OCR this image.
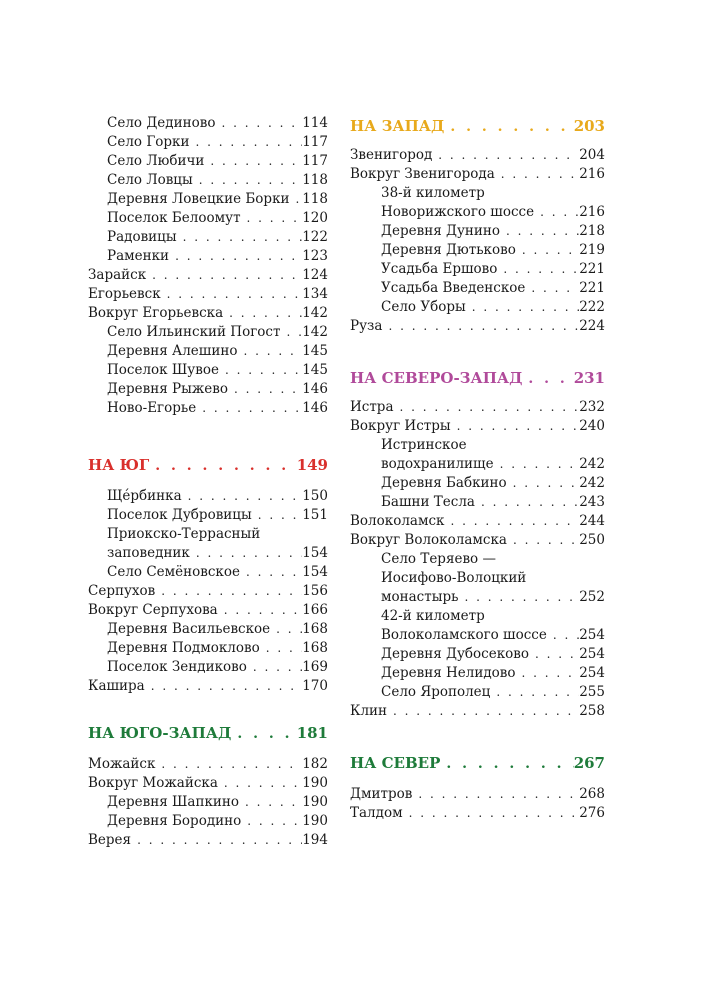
Село Дединово . . .	114
Село Горки . . .	117
Село Любичи . . .	117
Село Ловцы . . .	118
Деревня Ловецкие Борки . . . 118
Поселок Белоомут . . .	120
Радовицы . . .	122
Раменки . . .	123
Зарайск . . .	124
Егорьевск . . .	134
Вокруг Егорьевска . . .	142
Село Ильинский Погост . . . 142
Деревня Алешино . . .	145
Поселок Шувое . . .	145
Деревня Рыжево . . .	146
Ново-Егорье . . .	146
НА ЮГ . . .	149
Щéрбинка . . .	150
Поселок Дубровицы . . .	151
Приокско-Террасный
заповедник . . .	154
Село Семёновское . . .	154
Серпухов . . .	156
Вокруг Серпухова . . .	166
Деревня Васильевское . . . 168
Деревня Подмоклово . . .	168
Поселок Зендиково . . .	169
Кашира . . .	170
НА ЮГО-ЗАПАД . . .	181
Можайск . . .	182
Вокруг Можайска . . .	190
Деревня Шапкино . . .	190
Деревня Бородино . . .	190
Верея . . .	194
НА ЗАПАД . . .	203
Звенигород . . .	204
Вокруг Звенигорода . . .	216
38-й километр
Новорижского шоссе . . .	216
Деревня Дунино . . .	218
Деревня Дютьково . . .	219
Усадьба Ершово . . .	221
Усадьба Введенское . . .	221
Село Уборы . . .	222
Руза . . .	224
НА СЕВЕРО-ЗАПАД . . .	231
Истра . . .	232
Вокруг Истры . . .	240
Истринское
водохранилище . . .	242
Деревня Бабкино . . .	242
Башни Тесла . . .	243
Волоколамск . . .	244
Вокруг Волоколамска . . .	250
Село Теряево —
Иосифово-Волоцкий
монастырь . . .	252
42-й километр
Волоколамского шоссе . . . 254
Деревня Дубосеково . . .	254
Деревня Нелидово . . .	254
Село Ярополец . . .	255
Клин . . .	258
НА СЕВЕР . . .	267
Дмитров . . .	268
Талдом . . .	276
